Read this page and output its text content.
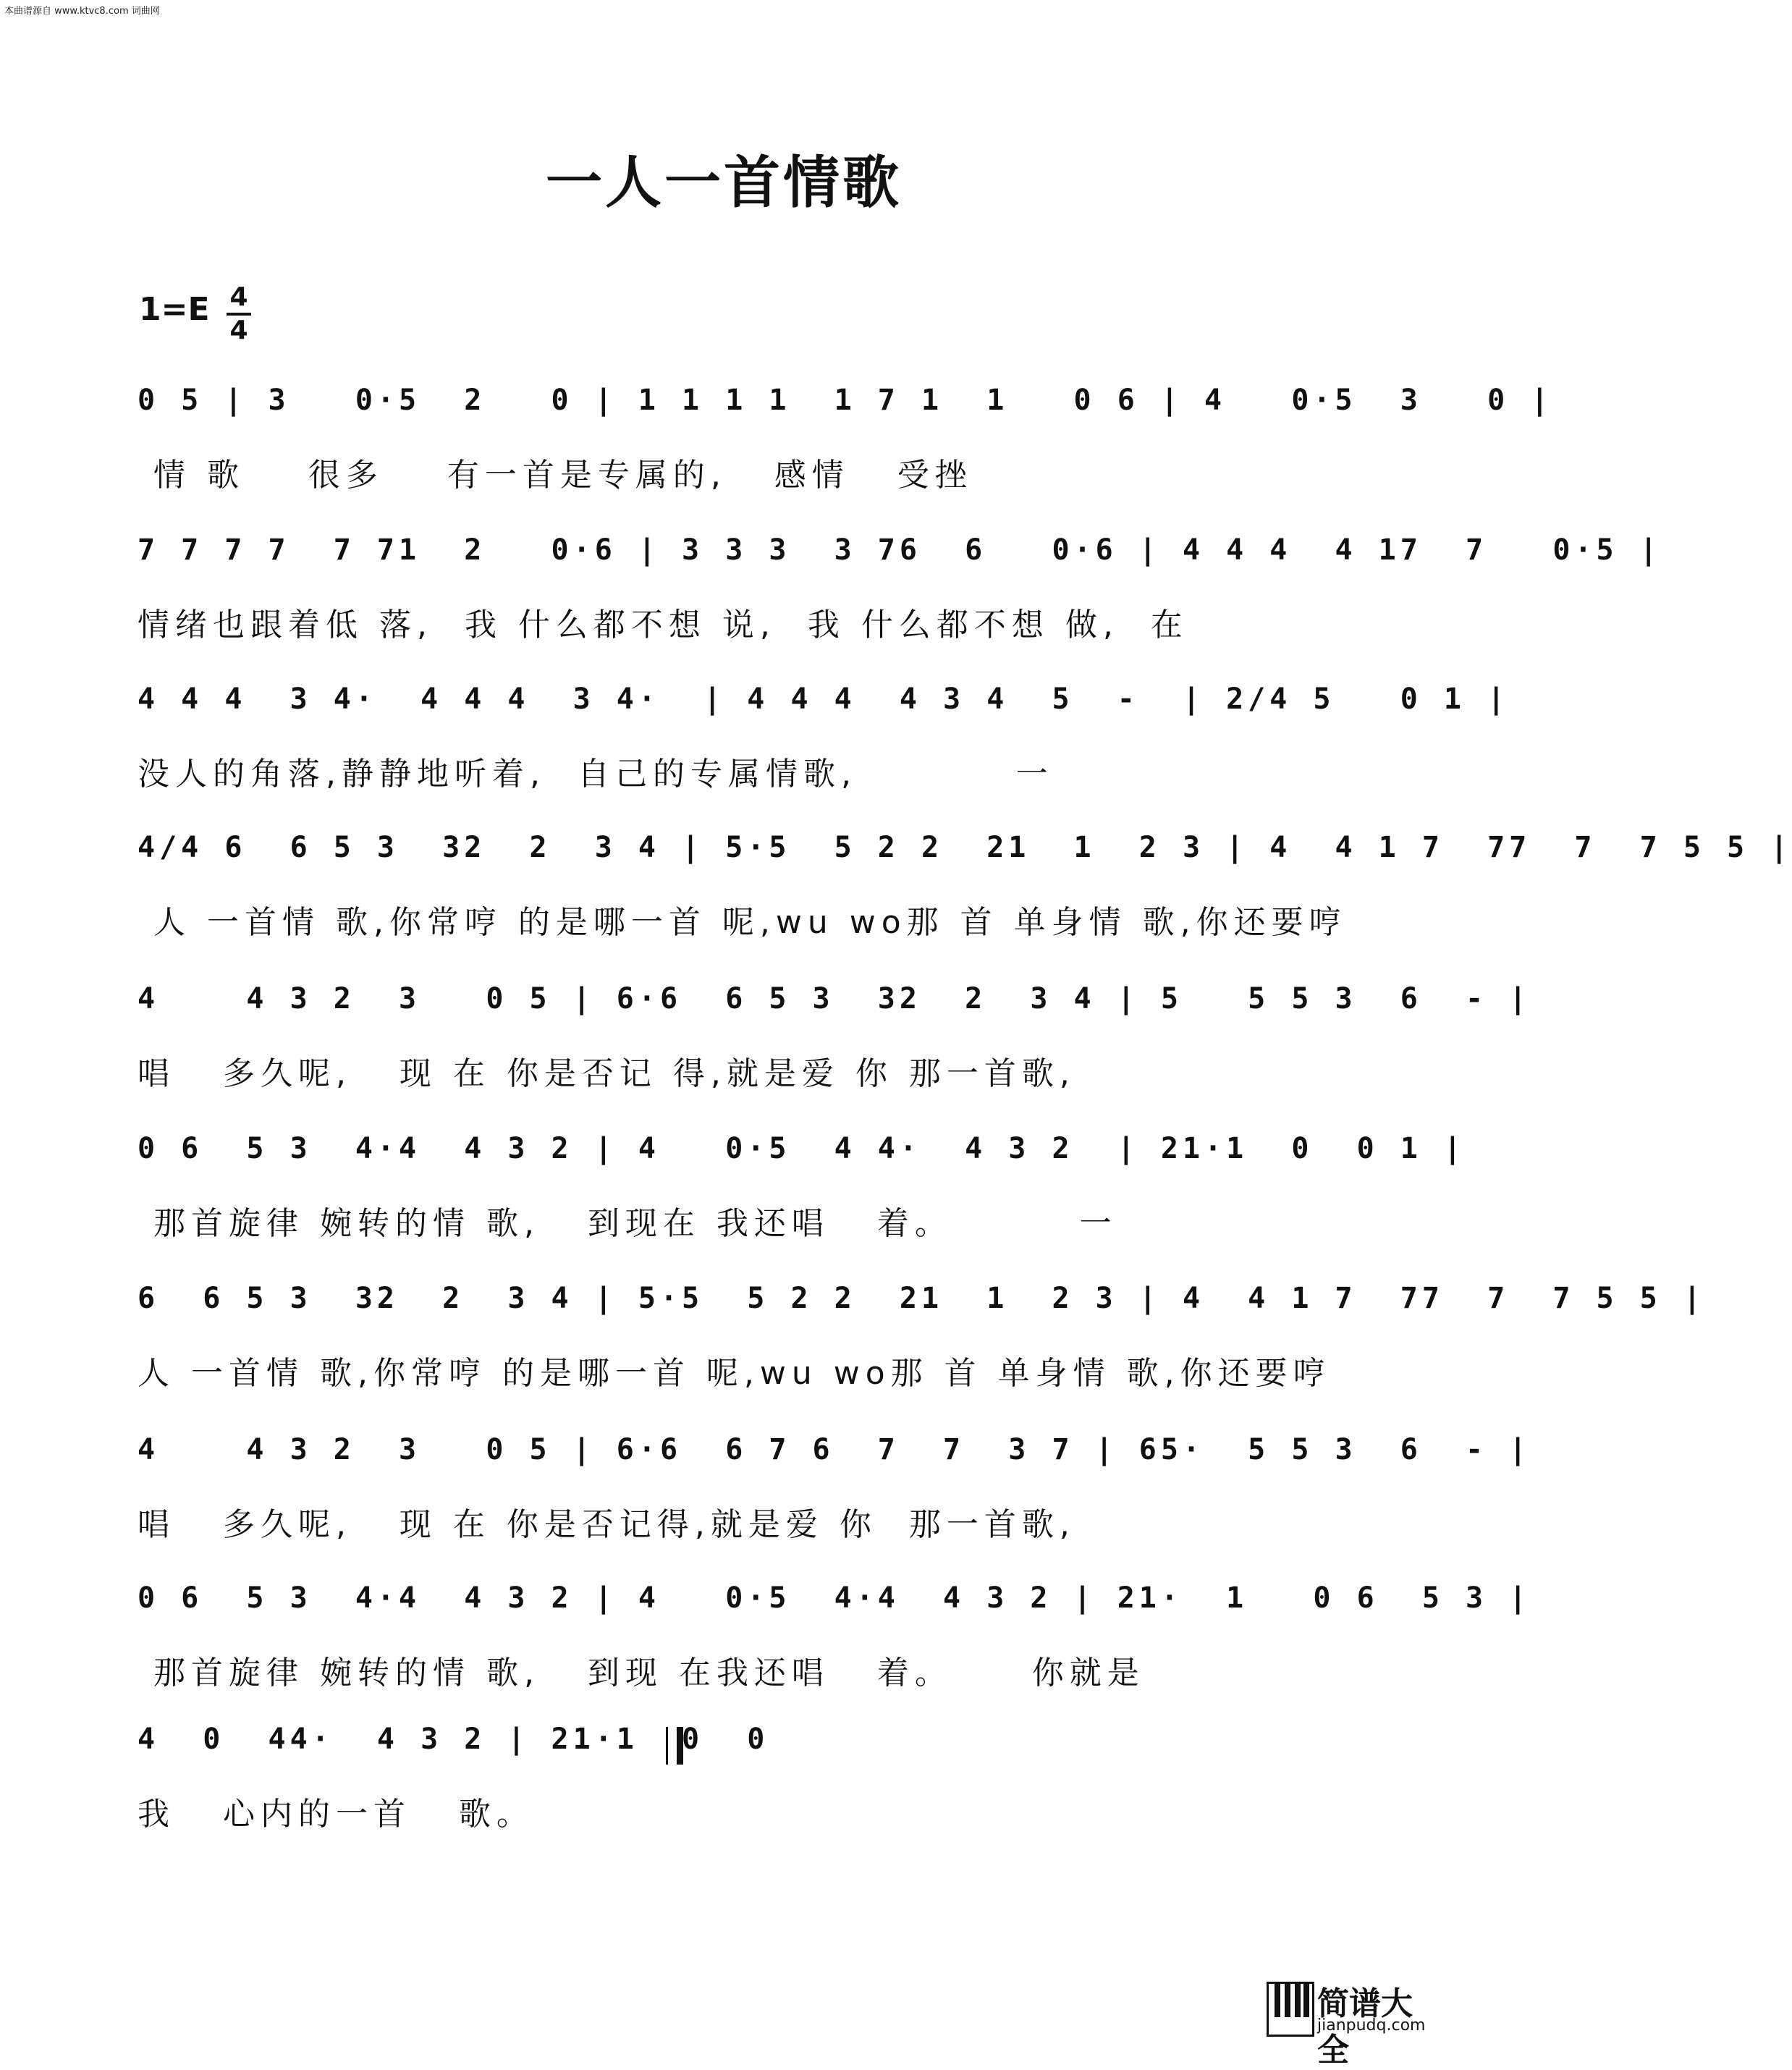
本曲谱源自 www.ktvc8.com 词曲网
一人一首情歌
1=E 4
4
0 5 | 3   0·5  2   0 | 1 1 1 1  1 7 1  1   0 6 | 4   0·5  3   0 |
情 歌    很多    有一首是专属的,   感情   受挫
7 7 7 7  7 71  2   0·6 | 3 3 3  3 76  6   0·6 | 4 4 4  4 17  7   0·5 |
情绪也跟着低 落,  我 什么都不想 说,  我 什么都不想 做,  在
4 4 4  3 4·  4 4 4  3 4·  | 4 4 4  4 3 4  5  -  | 2/4 5   0 1 |
没人的角落,静静地听着,  自己的专属情歌,          一
4/4 6  6 5 3  32  2  3 4 | 5·5  5 2 2  21  1  2 3 | 4  4 1 7  77  7  7 5 5 |
人 一首情 歌,你常哼 的是哪一首 呢,wu wo那 首 单身情 歌,你还要哼
4    4 3 2  3   0 5 | 6·6  6 5 3  32  2  3 4 | 5   5 5 3  6  - |
唱   多久呢,   现 在 你是否记 得,就是爱 你 那一首歌,
0 6  5 3  4·4  4 3 2 | 4   0·5  4 4·  4 3 2  | 21·1  0  0 1 |
那首旋律 婉转的情 歌,   到现在 我还唱   着。        一
6  6 5 3  32  2  3 4 | 5·5  5 2 2  21  1  2 3 | 4  4 1 7  77  7  7 5 5 |
人 一首情 歌,你常哼 的是哪一首 呢,wu wo那 首 单身情 歌,你还要哼
4    4 3 2  3   0 5 | 6·6  6 7 6  7  7  3 7 | 65·  5 5 3  6  - |
唱   多久呢,   现 在 你是否记得,就是爱 你  那一首歌,
0 6  5 3  4·4  4 3 2 | 4   0·5  4·4  4 3 2 | 21·  1   0 6  5 3 |
那首旋律 婉转的情 歌,   到现 在我还唱   着。     你就是
4  0  44·  4 3 2 | 21·1  0  0
我   心内的一首   歌。
简谱大全
jianpudq.com
